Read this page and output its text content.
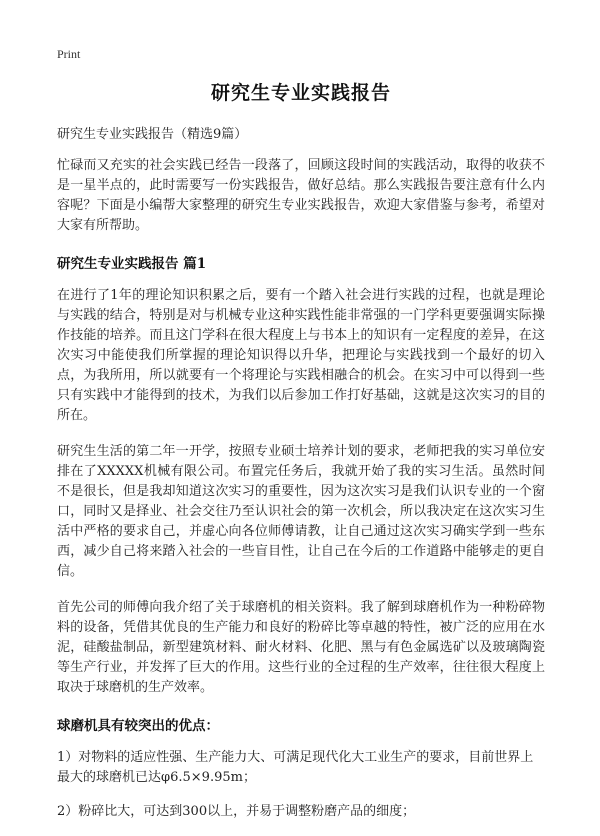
Print
研究生专业实践报告
研究生专业实践报告（精选9篇）

忙碌而又充实的社会实践已经告一段落了，回顾这段时间的实践活动，取得的收获不是一星半点的，此时需要写一份实践报告，做好总结。那么实践报告要注意有什么内容呢？下面是小编帮大家整理的研究生专业实践报告，欢迎大家借鉴与参考，希望对大家有所帮助。

研究生专业实践报告 篇1

在进行了1年的理论知识积累之后，要有一个踏入社会进行实践的过程，也就是理论与实践的结合，特别是对与机械专业这种实践性能非常强的一门学科更要强调实际操作技能的培养。而且这门学科在很大程度上与书本上的知识有一定程度的差异，在这次实习中能使我们所掌握的理论知识得以升华，把理论与实践找到一个最好的切入点，为我所用，所以就要有一个将理论与实践相融合的机会。在实习中可以得到一些只有实践中才能得到的技术，为我们以后参加工作打好基础，这就是这次实习的目的所在。

研究生生活的第二年一开学，按照专业硕士培养计划的要求，老师把我的实习单位安排在了XXXXX机械有限公司。布置完任务后，我就开始了我的实习生活。虽然时间不是很长，但是我却知道这次实习的重要性，因为这次实习是我们认识专业的一个窗口，同时又是择业、社会交往乃至认识社会的第一次机会，所以我决定在这次实习生活中严格的要求自己，并虚心向各位师傅请教，让自己通过这次实习确实学到一些东西，减少自己将来踏入社会的一些盲目性，让自己在今后的工作道路中能够走的更自信。

首先公司的师傅向我介绍了关于球磨机的相关资料。我了解到球磨机作为一种粉碎物料的设备，凭借其优良的生产能力和良好的粉碎比等卓越的特性，被广泛的应用在水泥，硅酸盐制品，新型建筑材料、耐火材料、化肥、黑与有色金属选矿以及玻璃陶瓷等生产行业，并发挥了巨大的作用。这些行业的全过程的生产效率，往往很大程度上取决于球磨机的生产效率。

球磨机具有较突出的优点：
1）对物料的适应性强、生产能力大、可满足现代化大工业生产的要求，目前世界上最大的球磨机已达φ6.5×9.95m；
2）粉碎比大，可达到300以上，并易于调整粉磨产品的细度；
